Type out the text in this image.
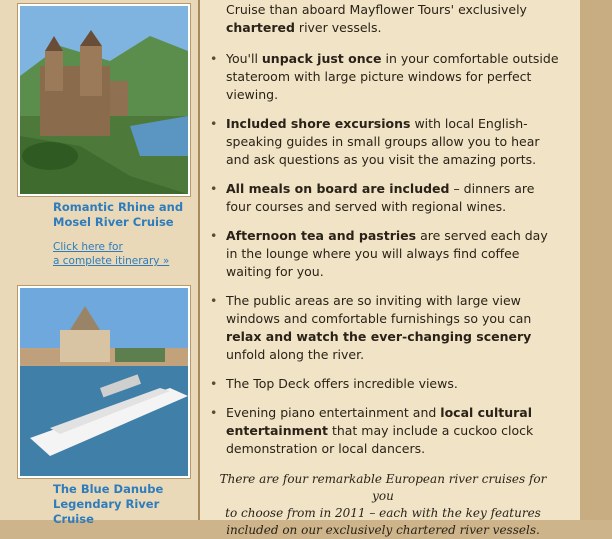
Romantic Rhine and
Mosel River Cruise
Click here for
a complete itinerary »
The Blue Danube
Legendary River Cruise
Cruise than aboard Mayflower Tours' exclusively
chartered river vessels.
• You'll unpack just once in your comfortable outside stateroom with large picture windows for perfect viewing.
• Included shore excursions with local English-speaking guides in small groups allow you to hear and ask questions as you visit the amazing ports.
• All meals on board are included – dinners are four courses and served with regional wines.
• Afternoon tea and pastries are served each day in the lounge where you will always find coffee waiting for you.
• The public areas are so inviting with large view windows and comfortable furnishings so you can relax and watch the ever-changing scenery unfold along the river.
• The Top Deck offers incredible views.
• Evening piano entertainment and local cultural entertainment that may include a cuckoo clock demonstration or local dancers.
There are four remarkable European river cruises for you
to choose from in 2011 – each with the key features
included on our exclusively chartered river vessels.
